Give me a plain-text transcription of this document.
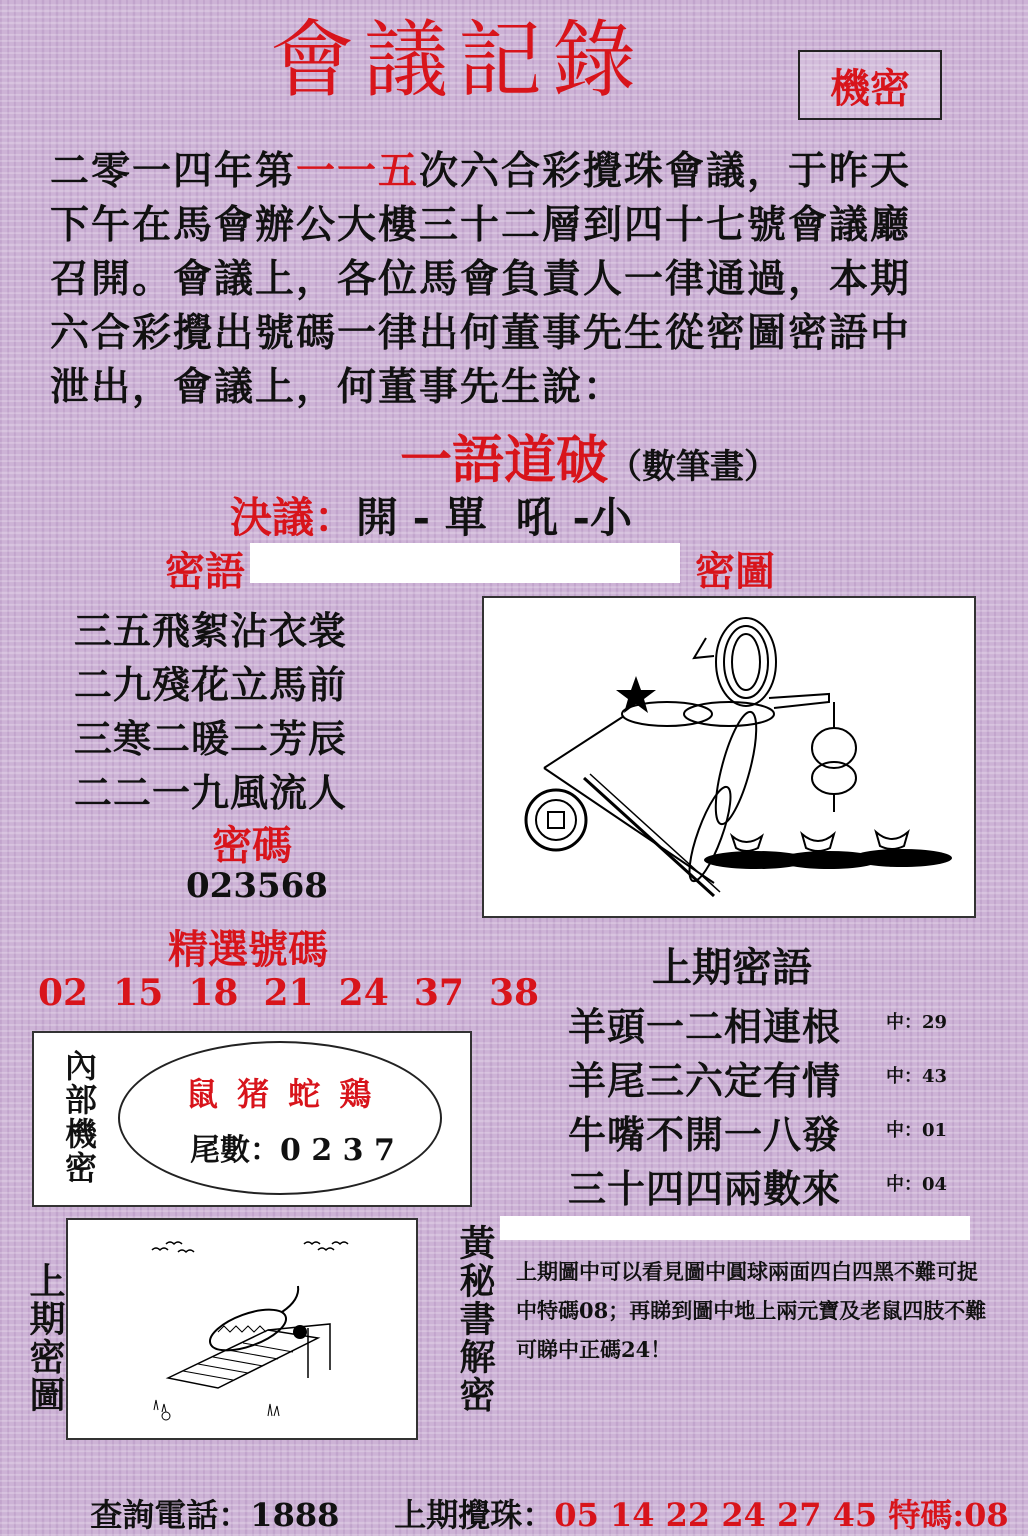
會議記錄	機密
二零一四年第一一五次六合彩攪珠會議，于昨天
下午在馬會辦公大樓三十二層到四十七號會議廳
召開。會議上，各位馬會負責人一律通過，本期
六合彩攪出號碼一律出何董事先生從密圖密語中
泄出，會議上，何董事先生說：
一語道破（數筆畫）
決議：開 - 單  吼 -小
密語	密圖
三五飛絮沾衣裳
二九殘花立馬前
三寒二暖二芳辰
二二一九風流人
密碼
023568
精選號碼
02  15  18  21  24  37  38
上期密語
羊頭一二相連根 中：29
羊尾三六定有情 中：43
牛嘴不開一八發 中：01
三十四四兩數來 中：04
內部機密	鼠 猪 蛇 鶏
尾數：0 2 3 7
上期密圖	黃秘書解密 上期圖中可以看見圖中圓球兩面四白四黑不難可捉中特碼08；再睇到圖中地上兩元寶及老鼠四肢不難可睇中正碼24！

查詢電話：1888	上期攪珠：05 14 22 24 27 45 特碼:08
